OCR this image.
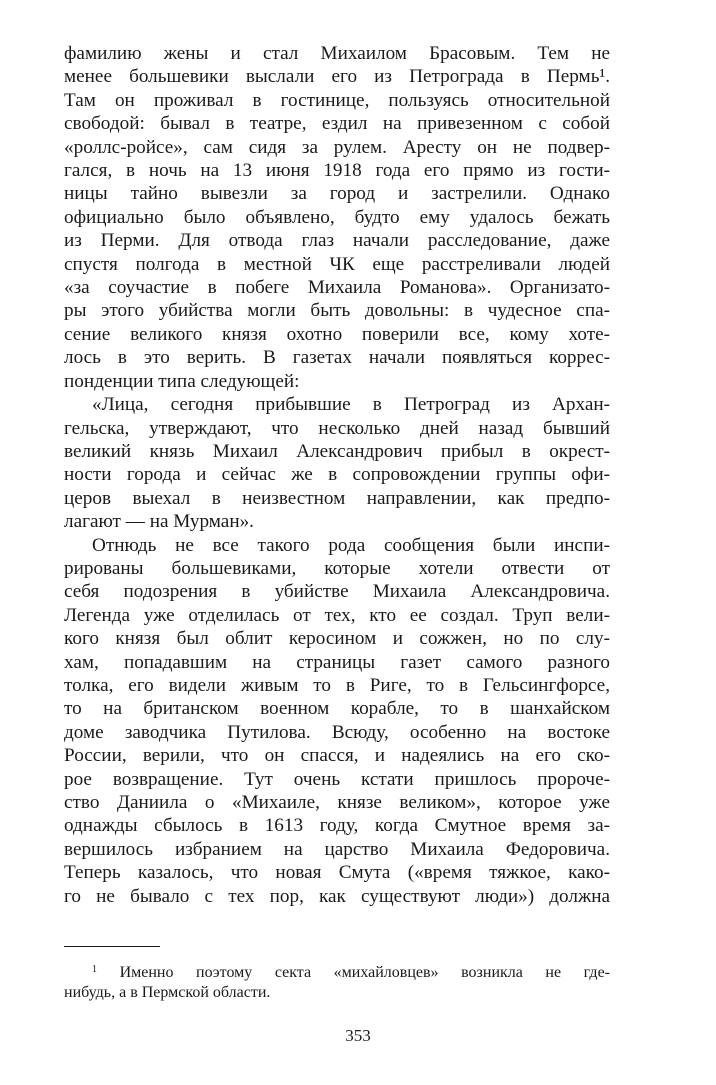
фамилию жены и стал Михаилом Брасовым. Тем не
менее большевики выслали его из Петрограда в Пермь¹.
Там он проживал в гостинице, пользуясь относительной
свободой: бывал в театре, ездил на привезенном с собой
«роллс-ройсе», сам сидя за рулем. Аресту он не подвер-
гался, в ночь на 13 июня 1918 года его прямо из гости-
ницы тайно вывезли за город и застрелили. Однако
официально было объявлено, будто ему удалось бежать
из Перми. Для отвода глаз начали расследование, даже
спустя полгода в местной ЧК еще расстреливали людей
«за соучастие в побеге Михаила Романова». Организато-
ры этого убийства могли быть довольны: в чудесное спа-
сение великого князя охотно поверили все, кому хоте-
лось в это верить. В газетах начали появляться коррес-
понденции типа следующей:
«Лица, сегодня прибывшие в Петроград из Архан-
гельска, утверждают, что несколько дней назад бывший
великий князь Михаил Александрович прибыл в окрест-
ности города и сейчас же в сопровождении группы офи-
церов выехал в неизвестном направлении, как предпо-
лагают — на Мурман».
Отнюдь не все такого рода сообщения были инспи-
рированы большевиками, которые хотели отвести от
себя подозрения в убийстве Михаила Александровича.
Легенда уже отделилась от тех, кто ее создал. Труп вели-
кого князя был облит керосином и сожжен, но по слу-
хам, попадавшим на страницы газет самого разного
толка, его видели живым то в Риге, то в Гельсингфорсе,
то на британском военном корабле, то в шанхайском
доме заводчика Путилова. Всюду, особенно на востоке
России, верили, что он спасся, и надеялись на его ско-
рое возвращение. Тут очень кстати пришлось пророче-
ство Даниила о «Михаиле, князе великом», которое уже
однажды сбылось в 1613 году, когда Смутное время за-
вершилось избранием на царство Михаила Федоровича.
Теперь казалось, что новая Смута («время тяжкое, како-
го не бывало с тех пор, как существуют люди») должна
$^1$ Именно поэтому секта «михайловцев» возникла не где-
нибудь, а в Пермской области.
353
